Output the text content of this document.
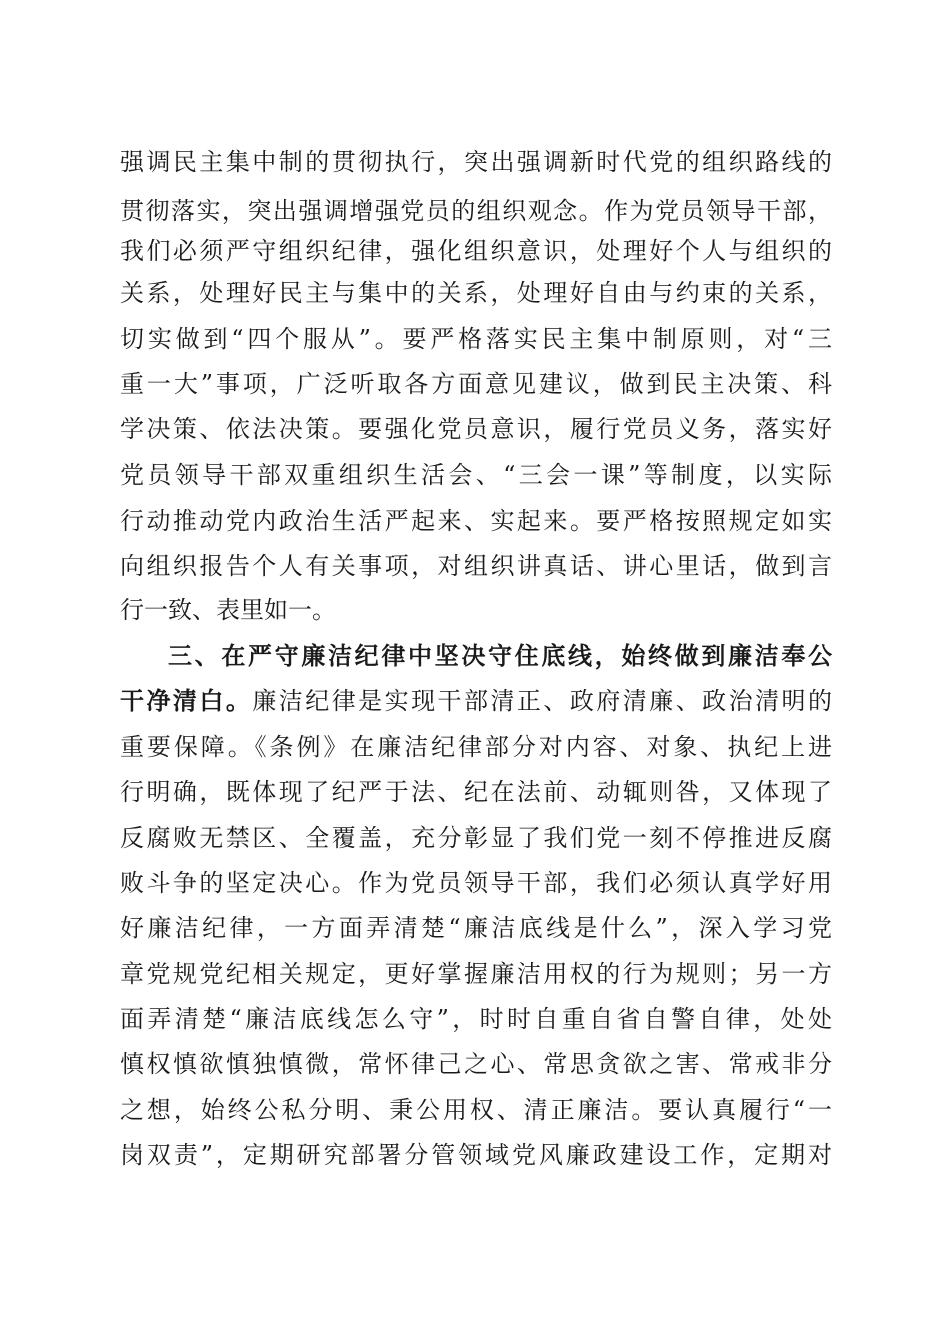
强调民主集中制的贯彻执行，突出强调新时代党的组织路线的
贯彻落实，突出强调增强党员的组织观念。作为党员领导干部，
我们必须严守组织纪律，强化组织意识，处理好个人与组织的
关系，处理好民主与集中的关系，处理好自由与约束的关系，
切实做到“四个服从”。要严格落实民主集中制原则，对“三
重一大”事项，广泛听取各方面意见建议，做到民主决策、科
学决策、依法决策。要强化党员意识，履行党员义务，落实好
党员领导干部双重组织生活会、“三会一课”等制度，以实际
行动推动党内政治生活严起来、实起来。要严格按照规定如实
向组织报告个人有关事项，对组织讲真话、讲心里话，做到言
行一致、表里如一。
三、在严守廉洁纪律中坚决守住底线，始终做到廉洁奉公
干净清白。廉洁纪律是实现干部清正、政府清廉、政治清明的
重要保障。《条例》在廉洁纪律部分对内容、对象、执纪上进
行明确，既体现了纪严于法、纪在法前、动辄则咎，又体现了
反腐败无禁区、全覆盖，充分彰显了我们党一刻不停推进反腐
败斗争的坚定决心。作为党员领导干部，我们必须认真学好用
好廉洁纪律，一方面弄清楚“廉洁底线是什么”，深入学习党
章党规党纪相关规定，更好掌握廉洁用权的行为规则；另一方
面弄清楚“廉洁底线怎么守”，时时自重自省自警自律，处处
慎权慎欲慎独慎微，常怀律己之心、常思贪欲之害、常戒非分
之想，始终公私分明、秉公用权、清正廉洁。要认真履行“一
岗双责”，定期研究部署分管领域党风廉政建设工作，定期对
